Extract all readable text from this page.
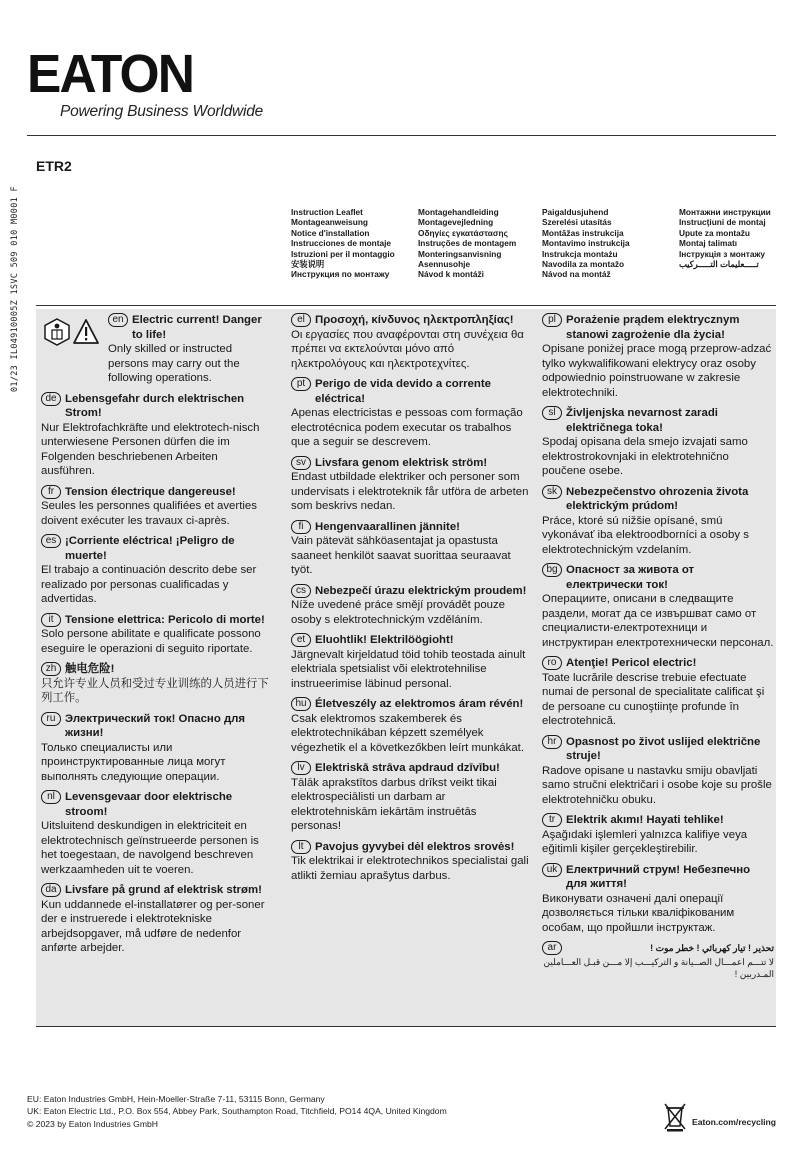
EATON
Powering Business Worldwide
ETR2
01/23 IL04910005Z 1SVC 509 010 M0001 F	Instruction Leaflet
Montageanweisung
Notice d'installation
Instrucciones de montaje
Istruzioni per il montaggio
安装说明
Инструкция по монтажу
Montagehandleiding
Montagevejledning
Οδηγίες εγκατάστασης
Instruções de montagem
Monteringsanvisning
Asennusohje
Návod k montáži
Paigaldusjuhend
Szerelési utasítás
Montāžas instrukcija
Montavimo instrukcija
Instrukcja montażu
Navodila za montažo
Návod na montáž
Монтажни инструкции
Instrucţiuni de montaj
Upute za montažu
Montaj talimatı
Інструкція з монтажу
تـــــعليمات التـــــركيب
en Electric current! Danger to life!
Only skilled or instructed persons may carry out the following operations.
de Lebensgefahr durch elektrischen Strom!
Nur Elektrofachkräfte und elektrotech-nisch unterwiesene Personen dürfen die im Folgenden beschriebenen Arbeiten ausführen.
fr Tension électrique dangereuse!
Seules les personnes qualifiées et averties doivent exécuter les travaux ci-après.
es ¡Corriente eléctrica! ¡Peligro de muerte!
El trabajo a continuación descrito debe ser realizado por personas cualificadas y advertidas.
it	Tensione elettrica: Pericolo di morte!
Solo persone abilitate e qualificate possono eseguire le operazioni di seguito riportate.
zh 触电危险!
只允许专业人员和受过专业训练的人员进行下列工作。
ru Электрический ток! Опасно для жизни!
Только специалисты или проинструктированные лица могут выполнять следующие операции.
nl Levensgevaar door elektrische stroom!
Uitsluitend deskundigen in elektriciteit en elektrotechnisch geïnstrueerde personen is het toegestaan, de navolgend beschreven werkzaamheden uit te voeren.
da Livsfare på grund af elektrisk strøm!
Kun uddannede el-installatører og per-soner der e instruerede i elektrotekniske arbejdsopgaver, må udføre de nedenfor anførte arbejder.
el Προσοχή, κίνδυνος ηλεκτροπληξίας!
Οι εργασίες που αναφέρονται στη συνέχεια θα πρέπει να εκτελούνται μόνο από ηλεκτρολόγους και ηλεκτροτεχνίτες.
pt Perigo de vida devido a corrente eléctrica!
Apenas electricistas e pessoas com formação electrotécnica podem executar os trabalhos que a seguir se descrevem.
sv Livsfara genom elektrisk ström!
Endast utbildade elektriker och personer som undervisats i elektroteknik får utföra de arbeten som beskrivs nedan.
fi	Hengenvaarallinen jännite!
Vain pätevät sähköasentajat ja opastusta saaneet henkilöt saavat suorittaa seuraavat työt.
cs Nebezpečí úrazu elektrickým proudem!
Níže uvedené práce smějí provádět pouze osoby s elektrotechnickým vzděláním.
et Eluohtlik! Elektrilöögioht!
Järgnevalt kirjeldatud töid tohib teostada ainult elektriala spetsialist või elektrotehnilise instrueerimise läbinud personal.
hu Életveszély az elektromos áram révén!
Csak elektromos szakemberek és elektrotechnikában képzett személyek végezhetik el a következőkben leírt munkákat.
lv Elektriskā strāva apdraud dzīvību!
Tālāk aprakstītos darbus drīkst veikt tikai elektrospeciālisti un darbam ar elektrotehniskām iekārtām instruētās personas!
lt	Pavojus gyvybei dėl elektros srovės!
Tik elektrikai ir elektrotechnikos specialistai gali atlikti žemiau aprašytus darbus.
pl Porażenie prądem elektrycznym stanowi zagrożenie dla życia!
Opisane poniżej prace mogą przeprow-adzać tylko wykwalifikowani elektrycy oraz osoby odpowiednio poinstruowane w zakresie elektrotechniki.
sl Življenjska nevarnost zaradi električnega toka!
Spodaj opisana dela smejo izvajati samo elektrostrokovnjaki in elektrotehnično poučene osebe.
sk Nebezpečenstvo ohrozenia života elektrickým prúdom!
Práce, ktoré sú nižšie opísané, smú vykonávať iba elektroodborníci a osoby s elektrotechnickým vzdelaním.
bg Опасност за живота от електрически ток!
Операциите, описани в следващите раздели, могат да се извършват само от специалисти-електротехници и инструктиран електротехнически персонал.
ro Atenţie! Pericol electric!
Toate lucrările descrise trebuie efectuate numai de personal de specialitate calificat şi de persoane cu cunoştiinţe profunde în electrotehnică.
hr Opasnost po život uslijed električne struje!
Radove opisane u nastavku smiju obavljati samo stručni električari i osobe koje su prošle elektrotehničku obuku.
tr Elektrik akımı! Hayati tehlike!
Aşağıdaki işlemleri yalnızca kalifiye veya eğitimli kişiler gerçekleştirebilir.
uk Електричний струм! Небезпечно для життя!
Виконувати означені далі операції дозволяється тільки кваліфікованим особам, що пройшли інструктаж.
ar	تحذير ! تيار كهربائي ! خطر موت !
لا تتـــم اعمـــال الصــيانة و التركيـــب إلا مـــن قبـل العـــاملين المـدربين !
EU: Eaton Industries GmbH, Hein-Moeller-Straße 7-11, 53115 Bonn, Germany
UK: Eaton Electric Ltd., P.O. Box 554, Abbey Park, Southampton Road, Titchfield, PO14 4QA, United Kingdom
© 2023 by Eaton Industries GmbH	Eaton.com/recycling
